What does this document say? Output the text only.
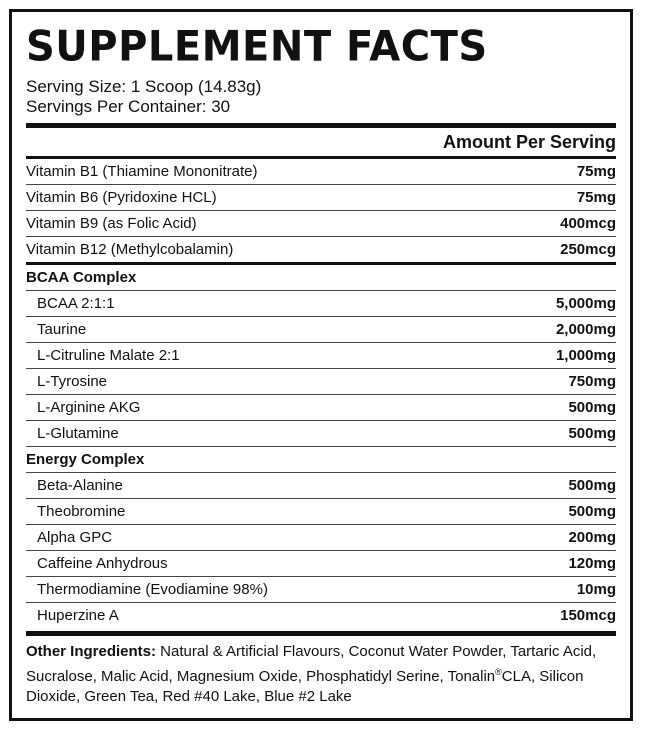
SUPPLEMENT FACTS
Serving Size: 1 Scoop (14.83g)
Servings Per Container: 30
Amount Per Serving
Vitamin B1 (Thiamine Mononitrate)	75mg
Vitamin B6 (Pyridoxine HCL)	75mg
Vitamin B9 (as Folic Acid)	400mcg
Vitamin B12 (Methylcobalamin)	250mcg
BCAA Complex
BCAA 2:1:1	5,000mg
Taurine	2,000mg
L-Citruline Malate 2:1	1,000mg
L-Tyrosine	750mg
L-Arginine AKG	500mg
L-Glutamine	500mg
Energy Complex
Beta-Alanine	500mg
Theobromine	500mg
Alpha GPC	200mg
Caffeine Anhydrous	120mg
Thermodiamine (Evodiamine 98%)	10mg
Huperzine A	150mcg
Other Ingredients: Natural & Artificial Flavours, Coconut Water Powder, Tartaric Acid, Sucralose, Malic Acid, Magnesium Oxide, Phosphatidyl Serine, Tonalin®CLA, Silicon Dioxide, Green Tea, Red #40 Lake, Blue #2 Lake
